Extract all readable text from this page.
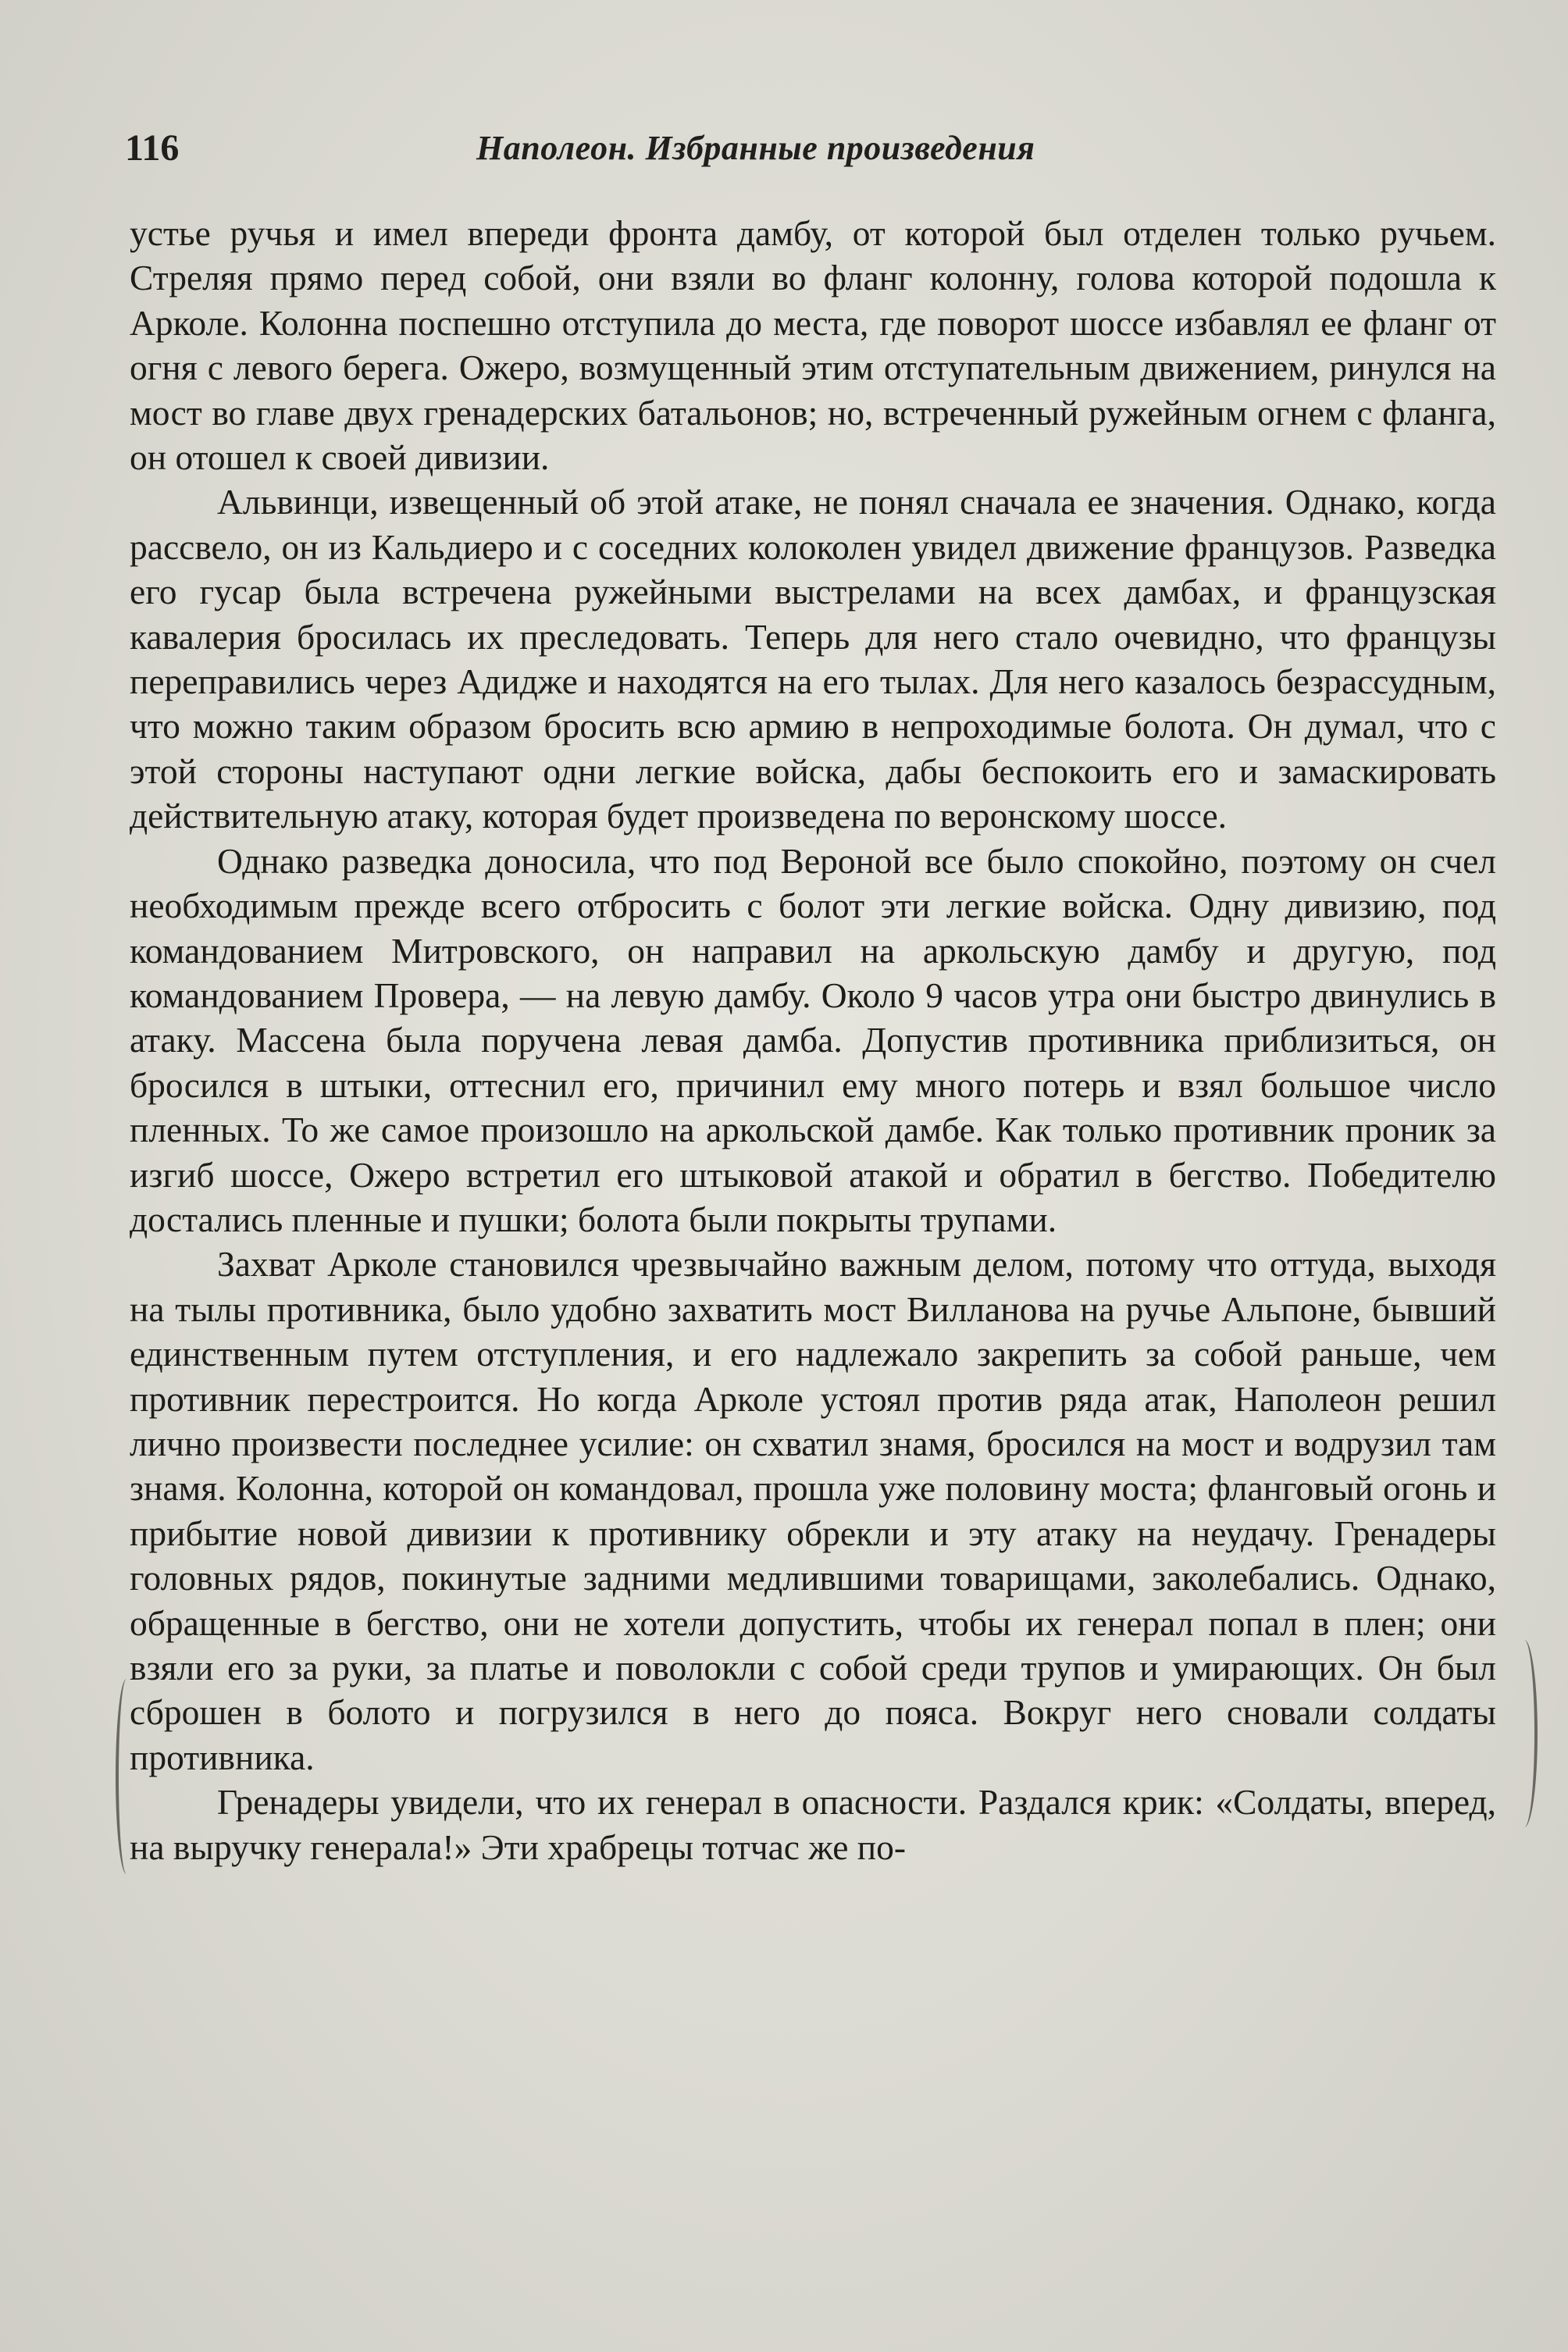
116	Наполеон. Избранные произведения

устье ручья и имел впереди фронта дамбу, от которой был отделен только ручьем. Стреляя прямо перед собой, они взяли во фланг колонну, голова которой подошла к Арколе. Колонна поспешно отступила до места, где поворот шоссе избавлял ее фланг от огня с левого берега. Ожеро, возмущенный этим отступательным движением, ринулся на мост во главе двух гренадерских батальонов; но, встреченный ружейным огнем с фланга, он отошел к своей дивизии.

Альвинци, извещенный об этой атаке, не понял сначала ее значения. Однако, когда рассвело, он из Кальдиеро и с соседних колоколен увидел движение французов. Разведка его гусар была встречена ружейными выстрелами на всех дамбах, и французская кавалерия бросилась их преследовать. Теперь для него стало очевидно, что французы переправились через Адидже и находятся на его тылах. Для него казалось безрассудным, что можно таким образом бросить всю армию в непроходимые болота. Он думал, что с этой стороны наступают одни легкие войска, дабы беспокоить его и замаскировать действительную атаку, которая будет произведена по веронскому шоссе.

Однако разведка доносила, что под Вероной все было спокойно, поэтому он счел необходимым прежде всего отбросить с болот эти легкие войска. Одну дивизию, под командованием Митровского, он направил на аркольскую дамбу и другую, под командованием Провера, — на левую дамбу. Около 9 часов утра они быстро двинулись в атаку. Массена была поручена левая дамба. Допустив противника приблизиться, он бросился в штыки, оттеснил его, причинил ему много потерь и взял большое число пленных. То же самое произошло на аркольской дамбе. Как только противник проник за изгиб шоссе, Ожеро встретил его штыковой атакой и обратил в бегство. Победителю достались пленные и пушки; болота были покрыты трупами.

Захват Арколе становился чрезвычайно важным делом, потому что оттуда, выходя на тылы противника, было удобно захватить мост Вилланова на ручье Альпоне, бывший единственным путем отступления, и его надлежало закрепить за собой раньше, чем противник перестроится. Но когда Арколе устоял против ряда атак, Наполеон решил лично произвести последнее усилие: он схватил знамя, бросился на мост и водрузил там знамя. Колонна, которой он командовал, прошла уже половину моста; фланговый огонь и прибытие новой дивизии к противнику обрекли и эту атаку на неудачу. Гренадеры головных рядов, покинутые задними медлившими товарищами, заколебались. Однако, обращенные в бегство, они не хотели допустить, чтобы их генерал попал в плен; они взяли его за руки, за платье и поволокли с собой среди трупов и умирающих. Он был сброшен в болото и погрузился в него до пояса. Вокруг него сновали солдаты противника.

Гренадеры увидели, что их генерал в опасности. Раздался крик: «Солдаты, вперед, на выручку генерала!» Эти храбрецы тотчас же по-
